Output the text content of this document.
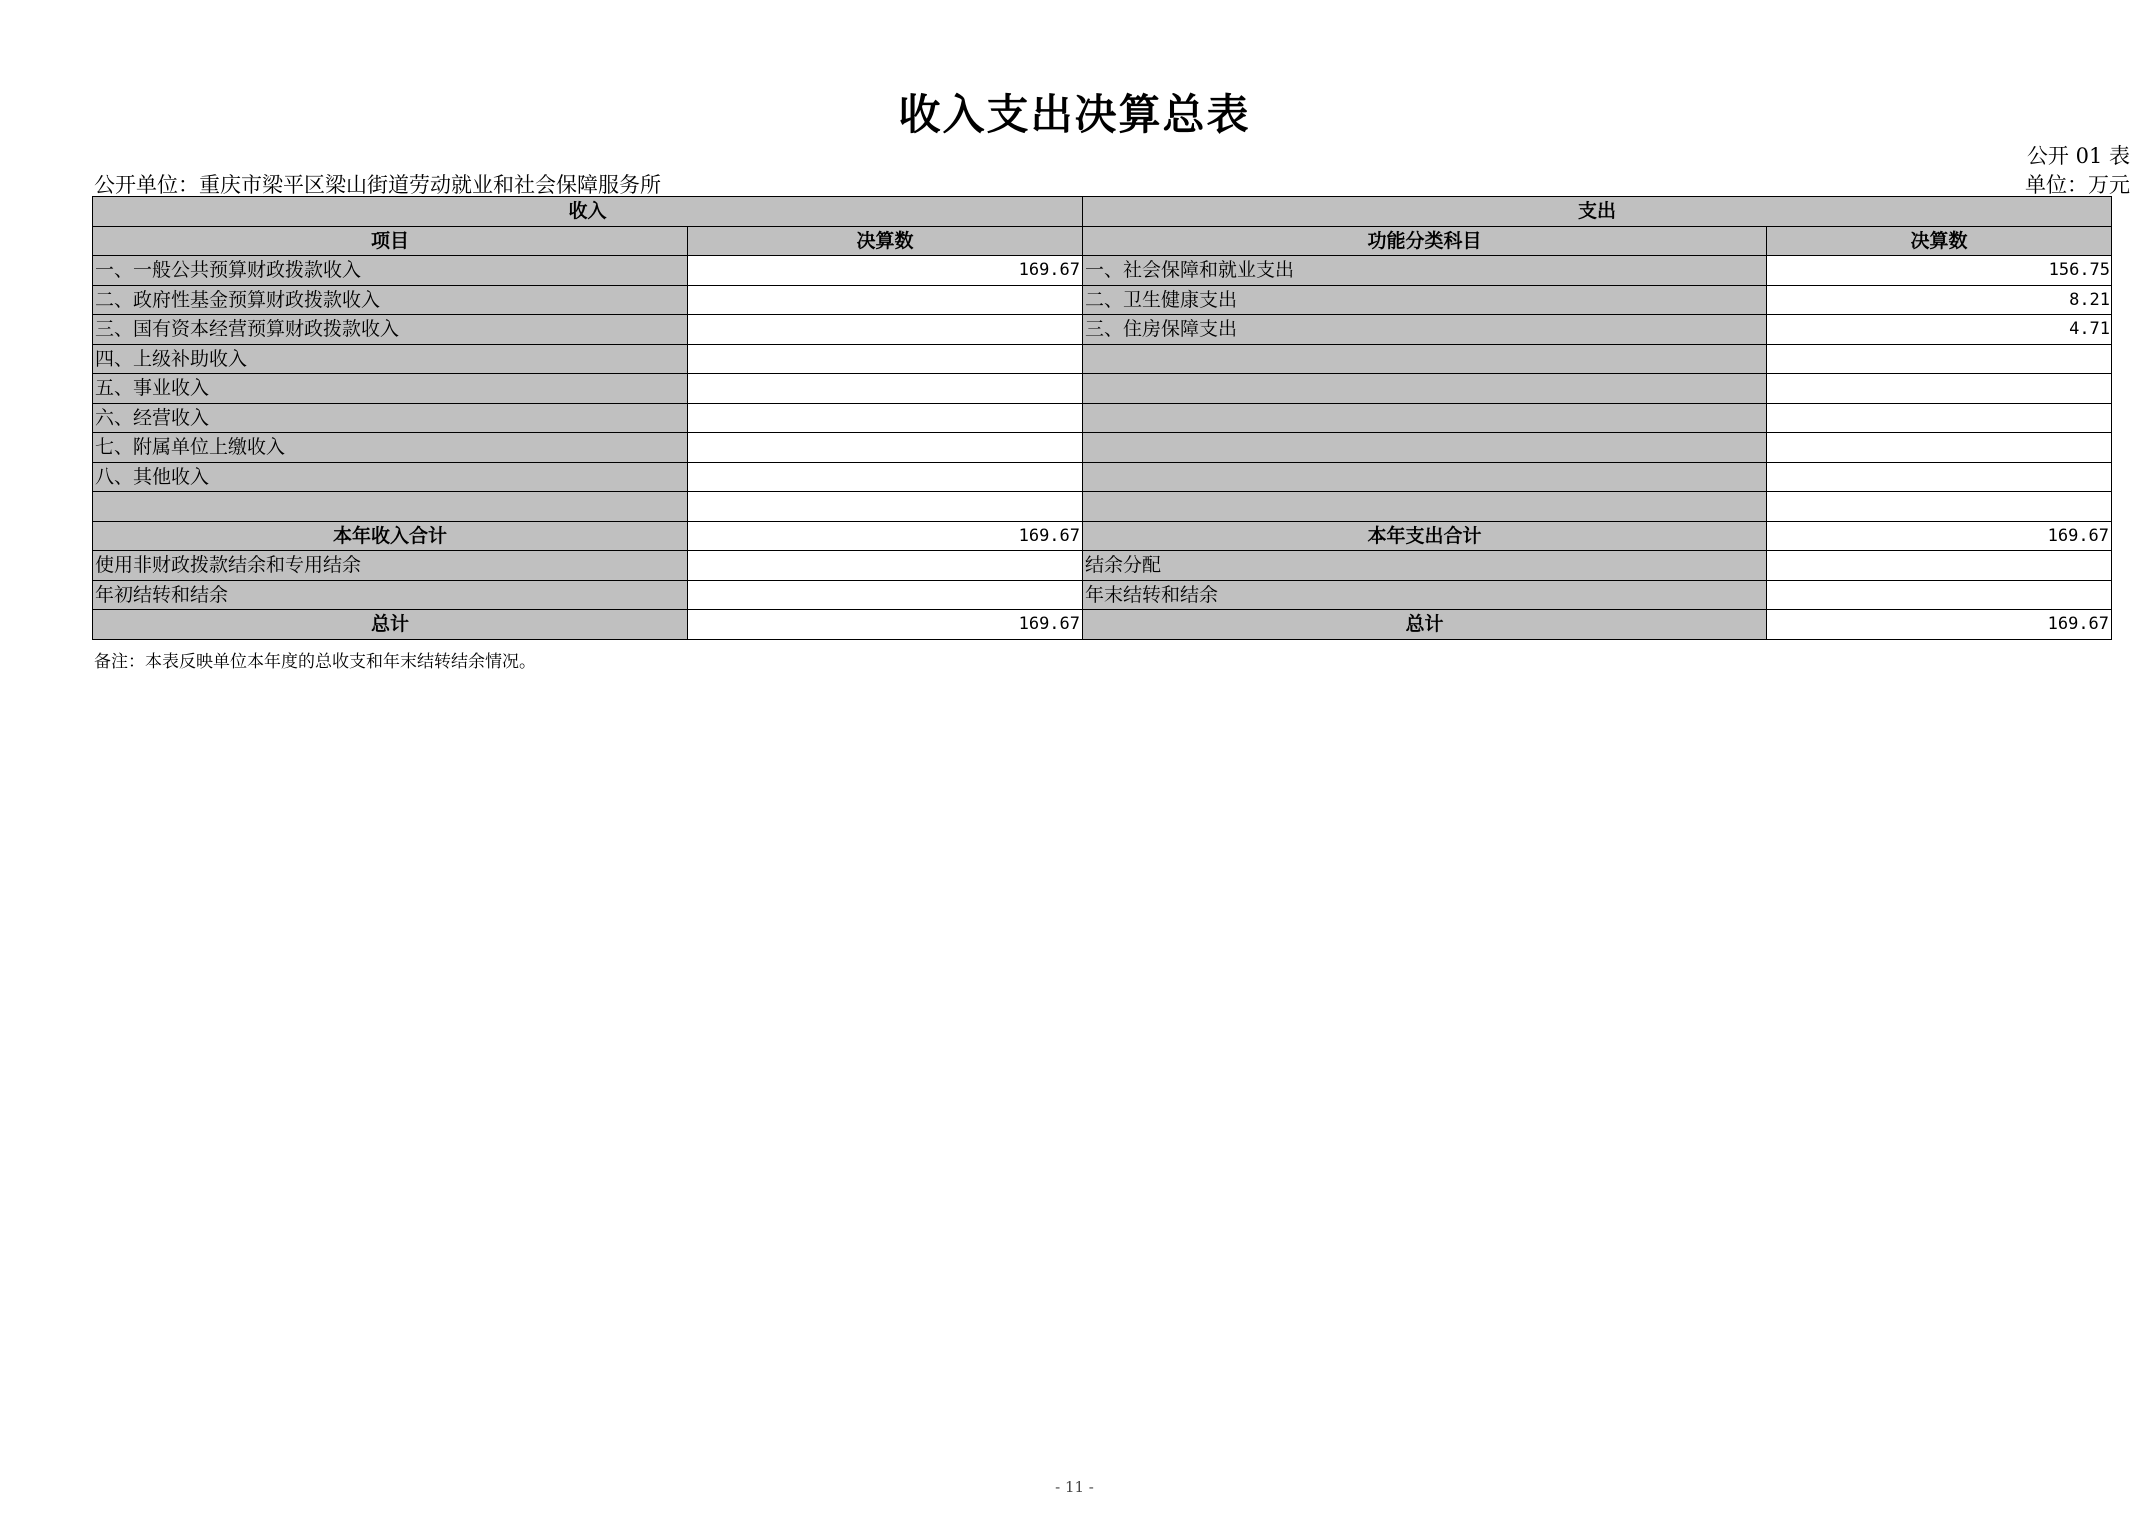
收入支出决算总表
公开 01 表
公开单位：重庆市梁平区梁山街道劳动就业和社会保障服务所	单位：万元
收入		支出	
项目	决算数	功能分类科目	决算数
一、一般公共预算财政拨款收入	169.67	一、社会保障和就业支出	156.75
二、政府性基金预算财政拨款收入		二、卫生健康支出	8.21
三、国有资本经营预算财政拨款收入		三、住房保障支出	4.71
四、上级补助收入			
五、事业收入			
六、经营收入			
七、附属单位上缴收入			
八、其他收入			

本年收入合计	169.67	本年支出合计	169.67
使用非财政拨款结余和专用结余		结余分配	
年初结转和结余		年末结转和结余	
总计	169.67	总计	169.67
备注：本表反映单位本年度的总收支和年末结转结余情况。
- 11 -
